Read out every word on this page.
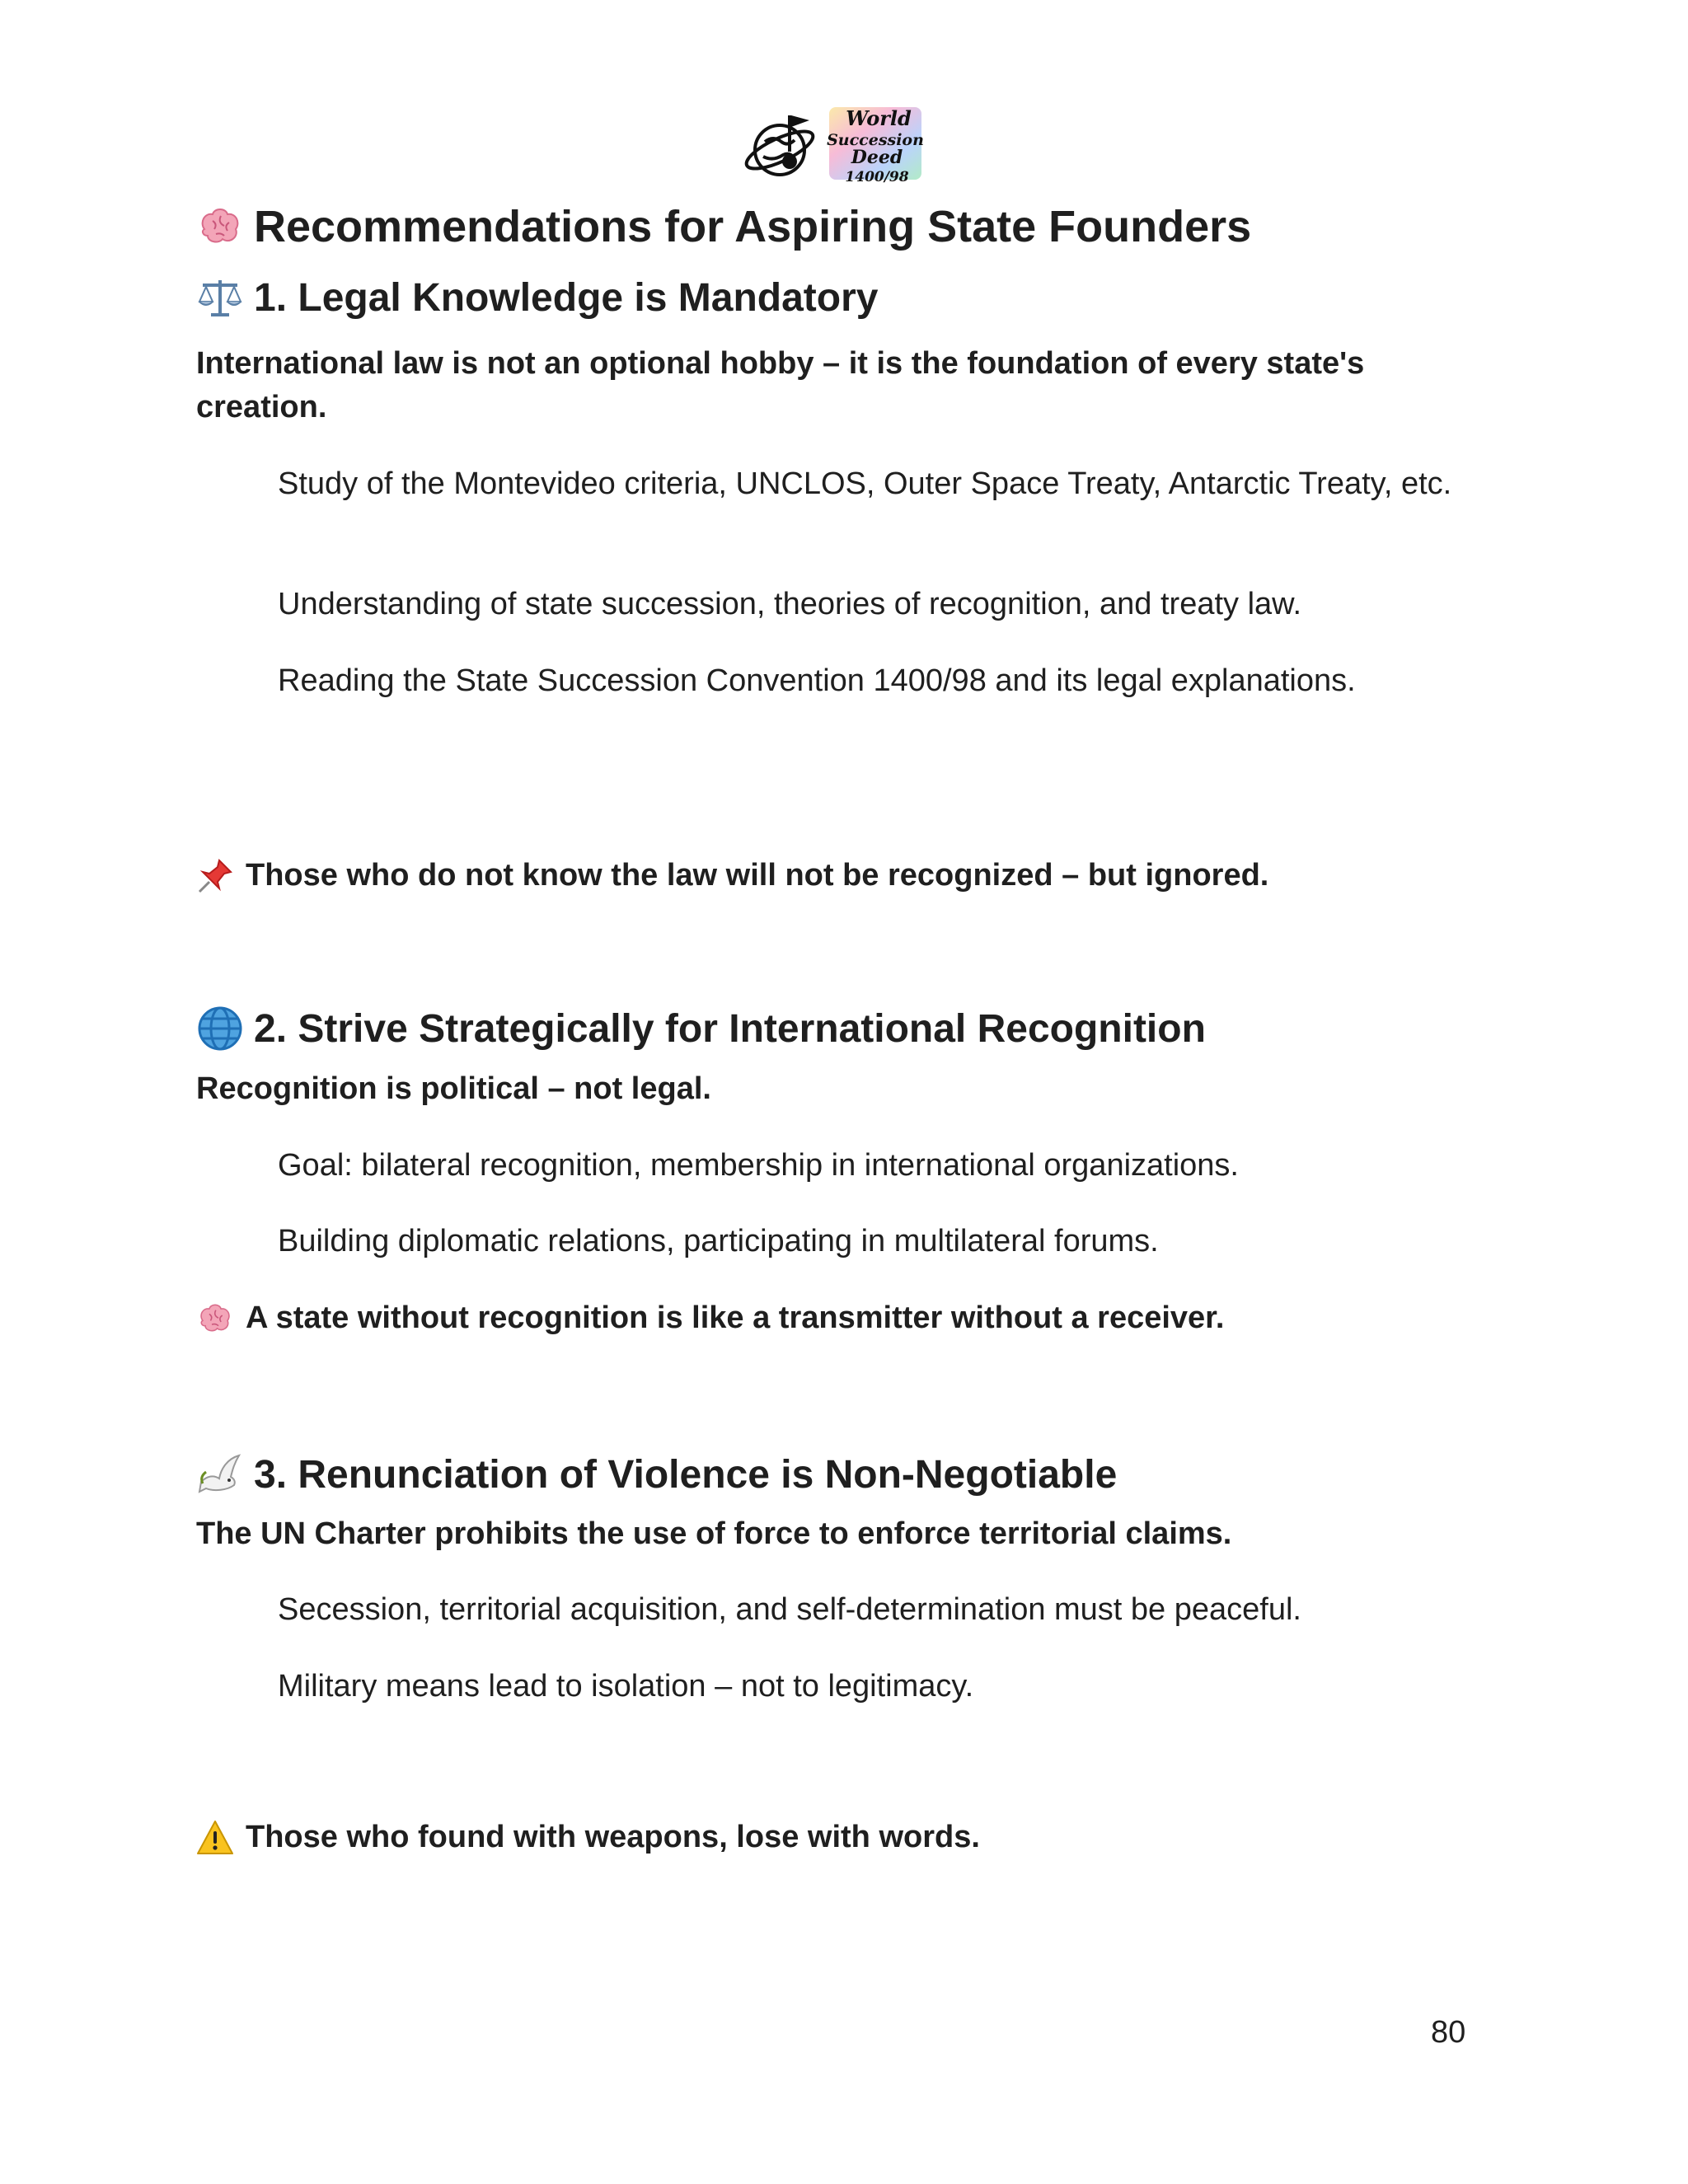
World
Succession
Deed
1400/98
Recommendations for Aspiring State Founders
1. Legal Knowledge is Mandatory
International law is not an optional hobby – it is the foundation of every state's creation.
Study of the Montevideo criteria, UNCLOS, Outer Space Treaty, Antarctic Treaty, etc.
Understanding of state succession, theories of recognition, and treaty law.
Reading the State Succession Convention 1400/98 and its legal explanations.
Those who do not know the law will not be recognized – but ignored.
2. Strive Strategically for International Recognition
Recognition is political – not legal.
Goal: bilateral recognition, membership in international organizations.
Building diplomatic relations, participating in multilateral forums.
A state without recognition is like a transmitter without a receiver.
3. Renunciation of Violence is Non-Negotiable
The UN Charter prohibits the use of force to enforce territorial claims.
Secession, territorial acquisition, and self-determination must be peaceful.
Military means lead to isolation – not to legitimacy.
Those who found with weapons, lose with words.
80
